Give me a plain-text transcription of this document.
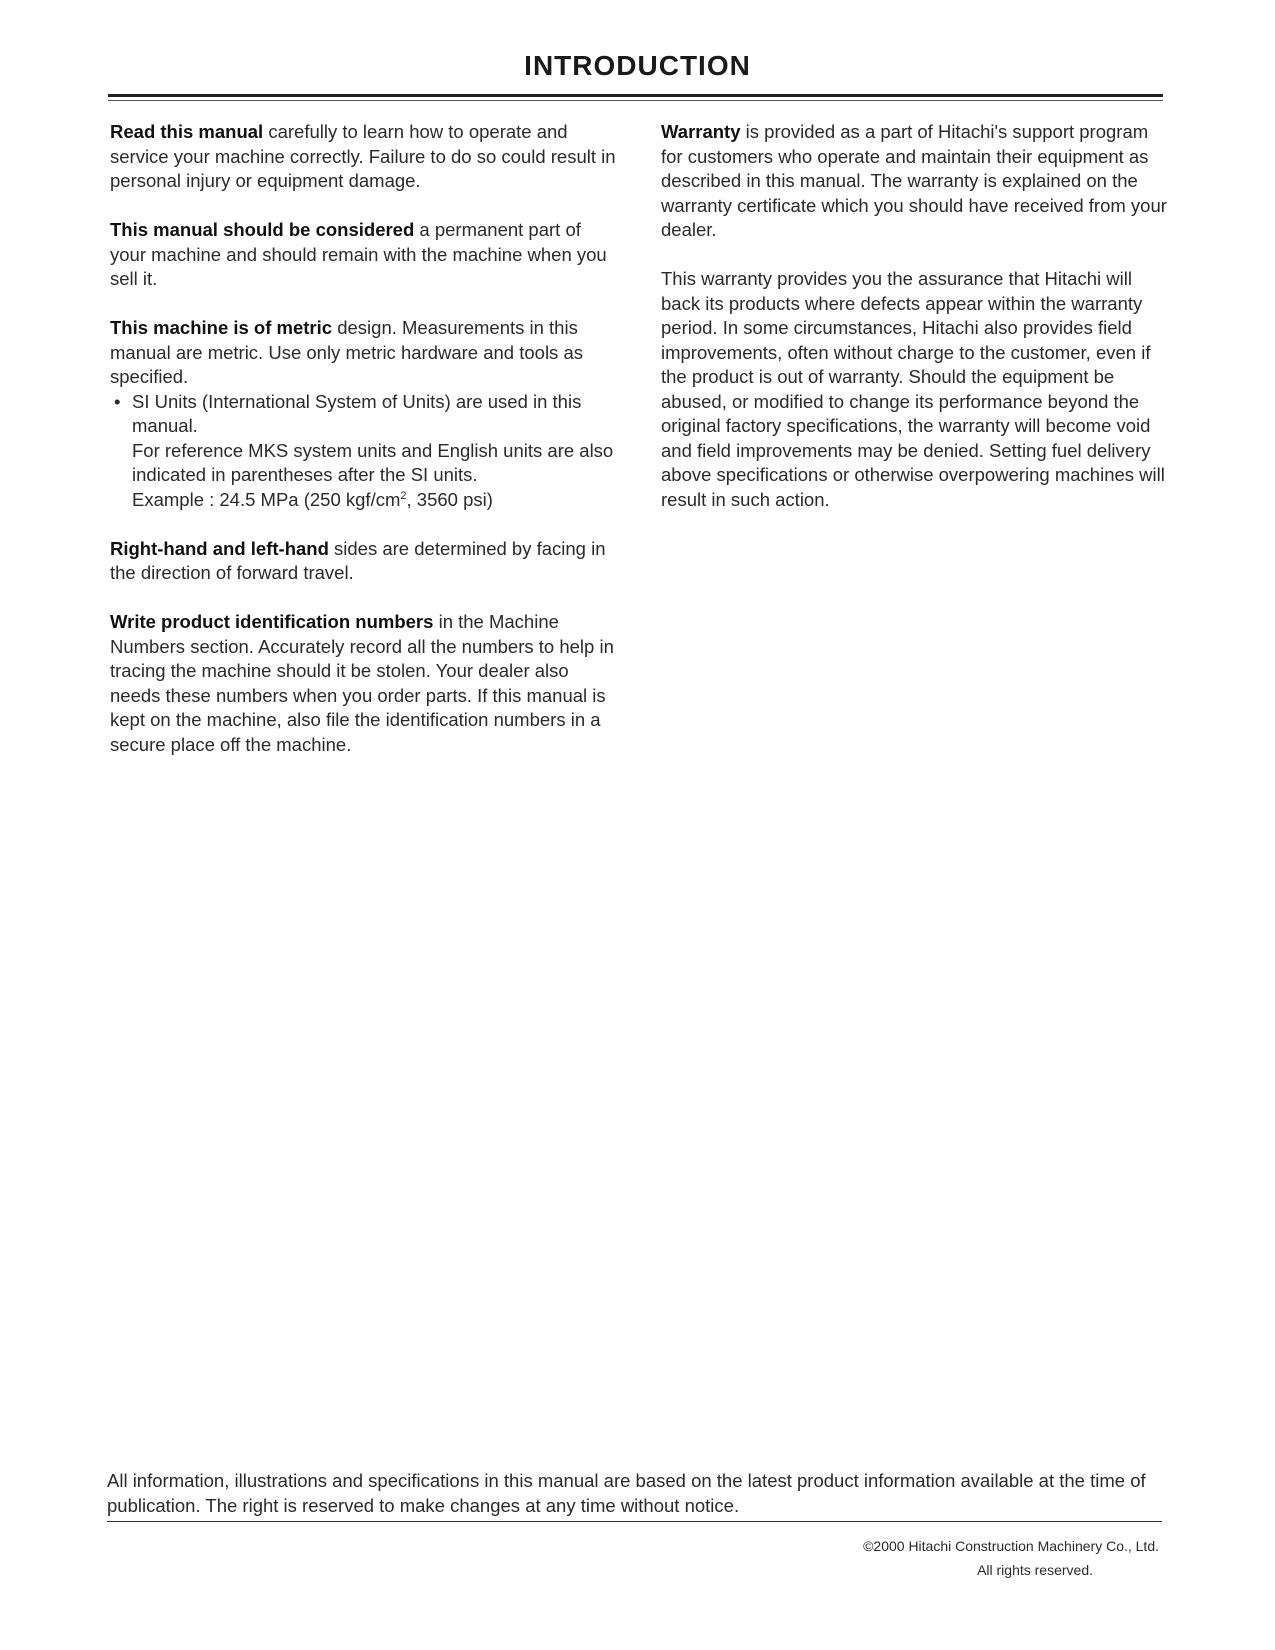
INTRODUCTION

Read this manual carefully to learn how to operate and service your machine correctly. Failure to do so could result in personal injury or equipment damage.

This manual should be considered a permanent part of your machine and should remain with the machine when you sell it.

This machine is of metric design. Measurements in this manual are metric. Use only metric hardware and tools as specified.

• SI Units (International System of Units) are used in this manual.
For reference MKS system units and English units are also indicated in parentheses after the SI units.
Example : 24.5 MPa (250 kgf/$cm^2$, 3560 psi)

Right-hand and left-hand sides are determined by facing in the direction of forward travel.

Write product identification numbers in the Machine Numbers section. Accurately record all the numbers to help in tracing the machine should it be stolen. Your dealer also needs these numbers when you order parts. If this manual is kept on the machine, also file the identification numbers in a secure place off the machine.

Warranty is provided as a part of Hitachi's support program for customers who operate and maintain their equipment as described in this manual. The warranty is explained on the warranty certificate which you should have received from your dealer.

This warranty provides you the assurance that Hitachi will back its products where defects appear within the warranty period. In some circumstances, Hitachi also provides field improvements, often without charge to the customer, even if the product is out of warranty. Should the equipment be abused, or modified to change its performance beyond the original factory specifications, the warranty will become void and field improvements may be denied. Setting fuel delivery above specifications or otherwise overpowering machines will result in such action.

All information, illustrations and specifications in this manual are based on the latest product information available at the time of publication. The right is reserved to make changes at any time without notice.
©2000 Hitachi Construction Machinery Co., Ltd.
All rights reserved.
